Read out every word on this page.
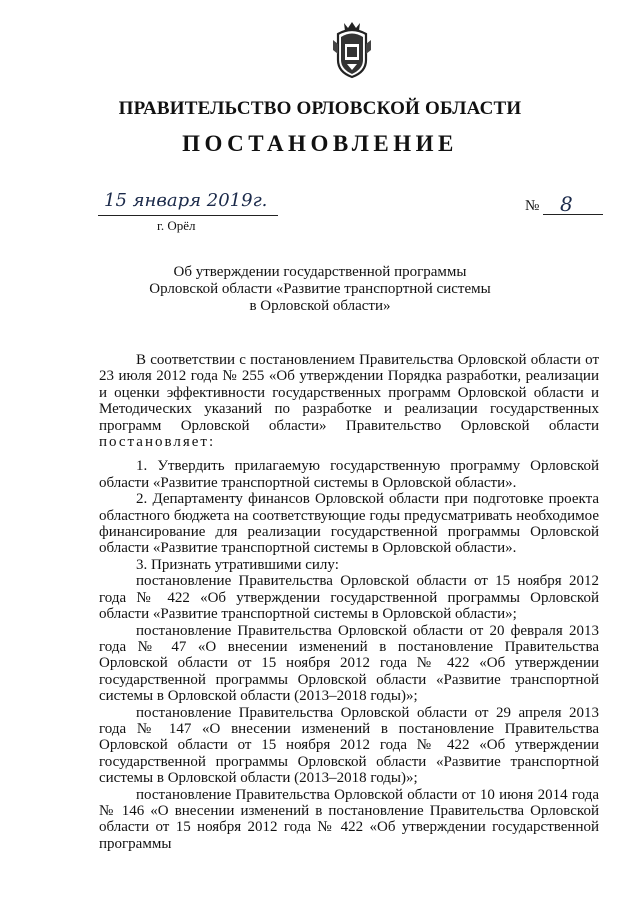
ПРАВИТЕЛЬСТВО ОРЛОВСКОЙ ОБЛАСТИ
ПОСТАНОВЛЕНИЕ
15 января 2019г.
г. Орёл
№ 8
Об утверждении государственной программы
Орловской области «Развитие транспортной системы
в Орловской области»

В соответствии с постановлением Правительства Орловской области от 23 июля 2012 года № 255 «Об утверждении Порядка разработки, реализации и оценки эффективности государственных программ Орловской области и Методических указаний по разработке и реализации государственных программ Орловской области» Правительство Орловской области постановляет:

1. Утвердить прилагаемую государственную программу Орловской области «Развитие транспортной системы в Орловской области».

2. Департаменту финансов Орловской области при подготовке проекта областного бюджета на соответствующие годы предусматривать необходимое финансирование для реализации государственной программы Орловской области «Развитие транспортной системы в Орловской области».

3. Признать утратившими силу:

постановление Правительства Орловской области от 15 ноября 2012 года № 422 «Об утверждении государственной программы Орловской области «Развитие транспортной системы в Орловской области»;

постановление Правительства Орловской области от 20 февраля 2013 года № 47 «О внесении изменений в постановление Правительства Орловской области от 15 ноября 2012 года № 422 «Об утверждении государственной программы Орловской области «Развитие транспортной системы в Орловской области (2013–2018 годы)»;

постановление Правительства Орловской области от 29 апреля 2013 года № 147 «О внесении изменений в постановление Правительства Орловской области от 15 ноября 2012 года № 422 «Об утверждении государственной программы Орловской области «Развитие транспортной системы в Орловской области (2013–2018 годы)»;

постановление Правительства Орловской области от 10 июня 2014 года № 146 «О внесении изменений в постановление Правительства Орловской области от 15 ноября 2012 года № 422 «Об утверждении государственной программы
